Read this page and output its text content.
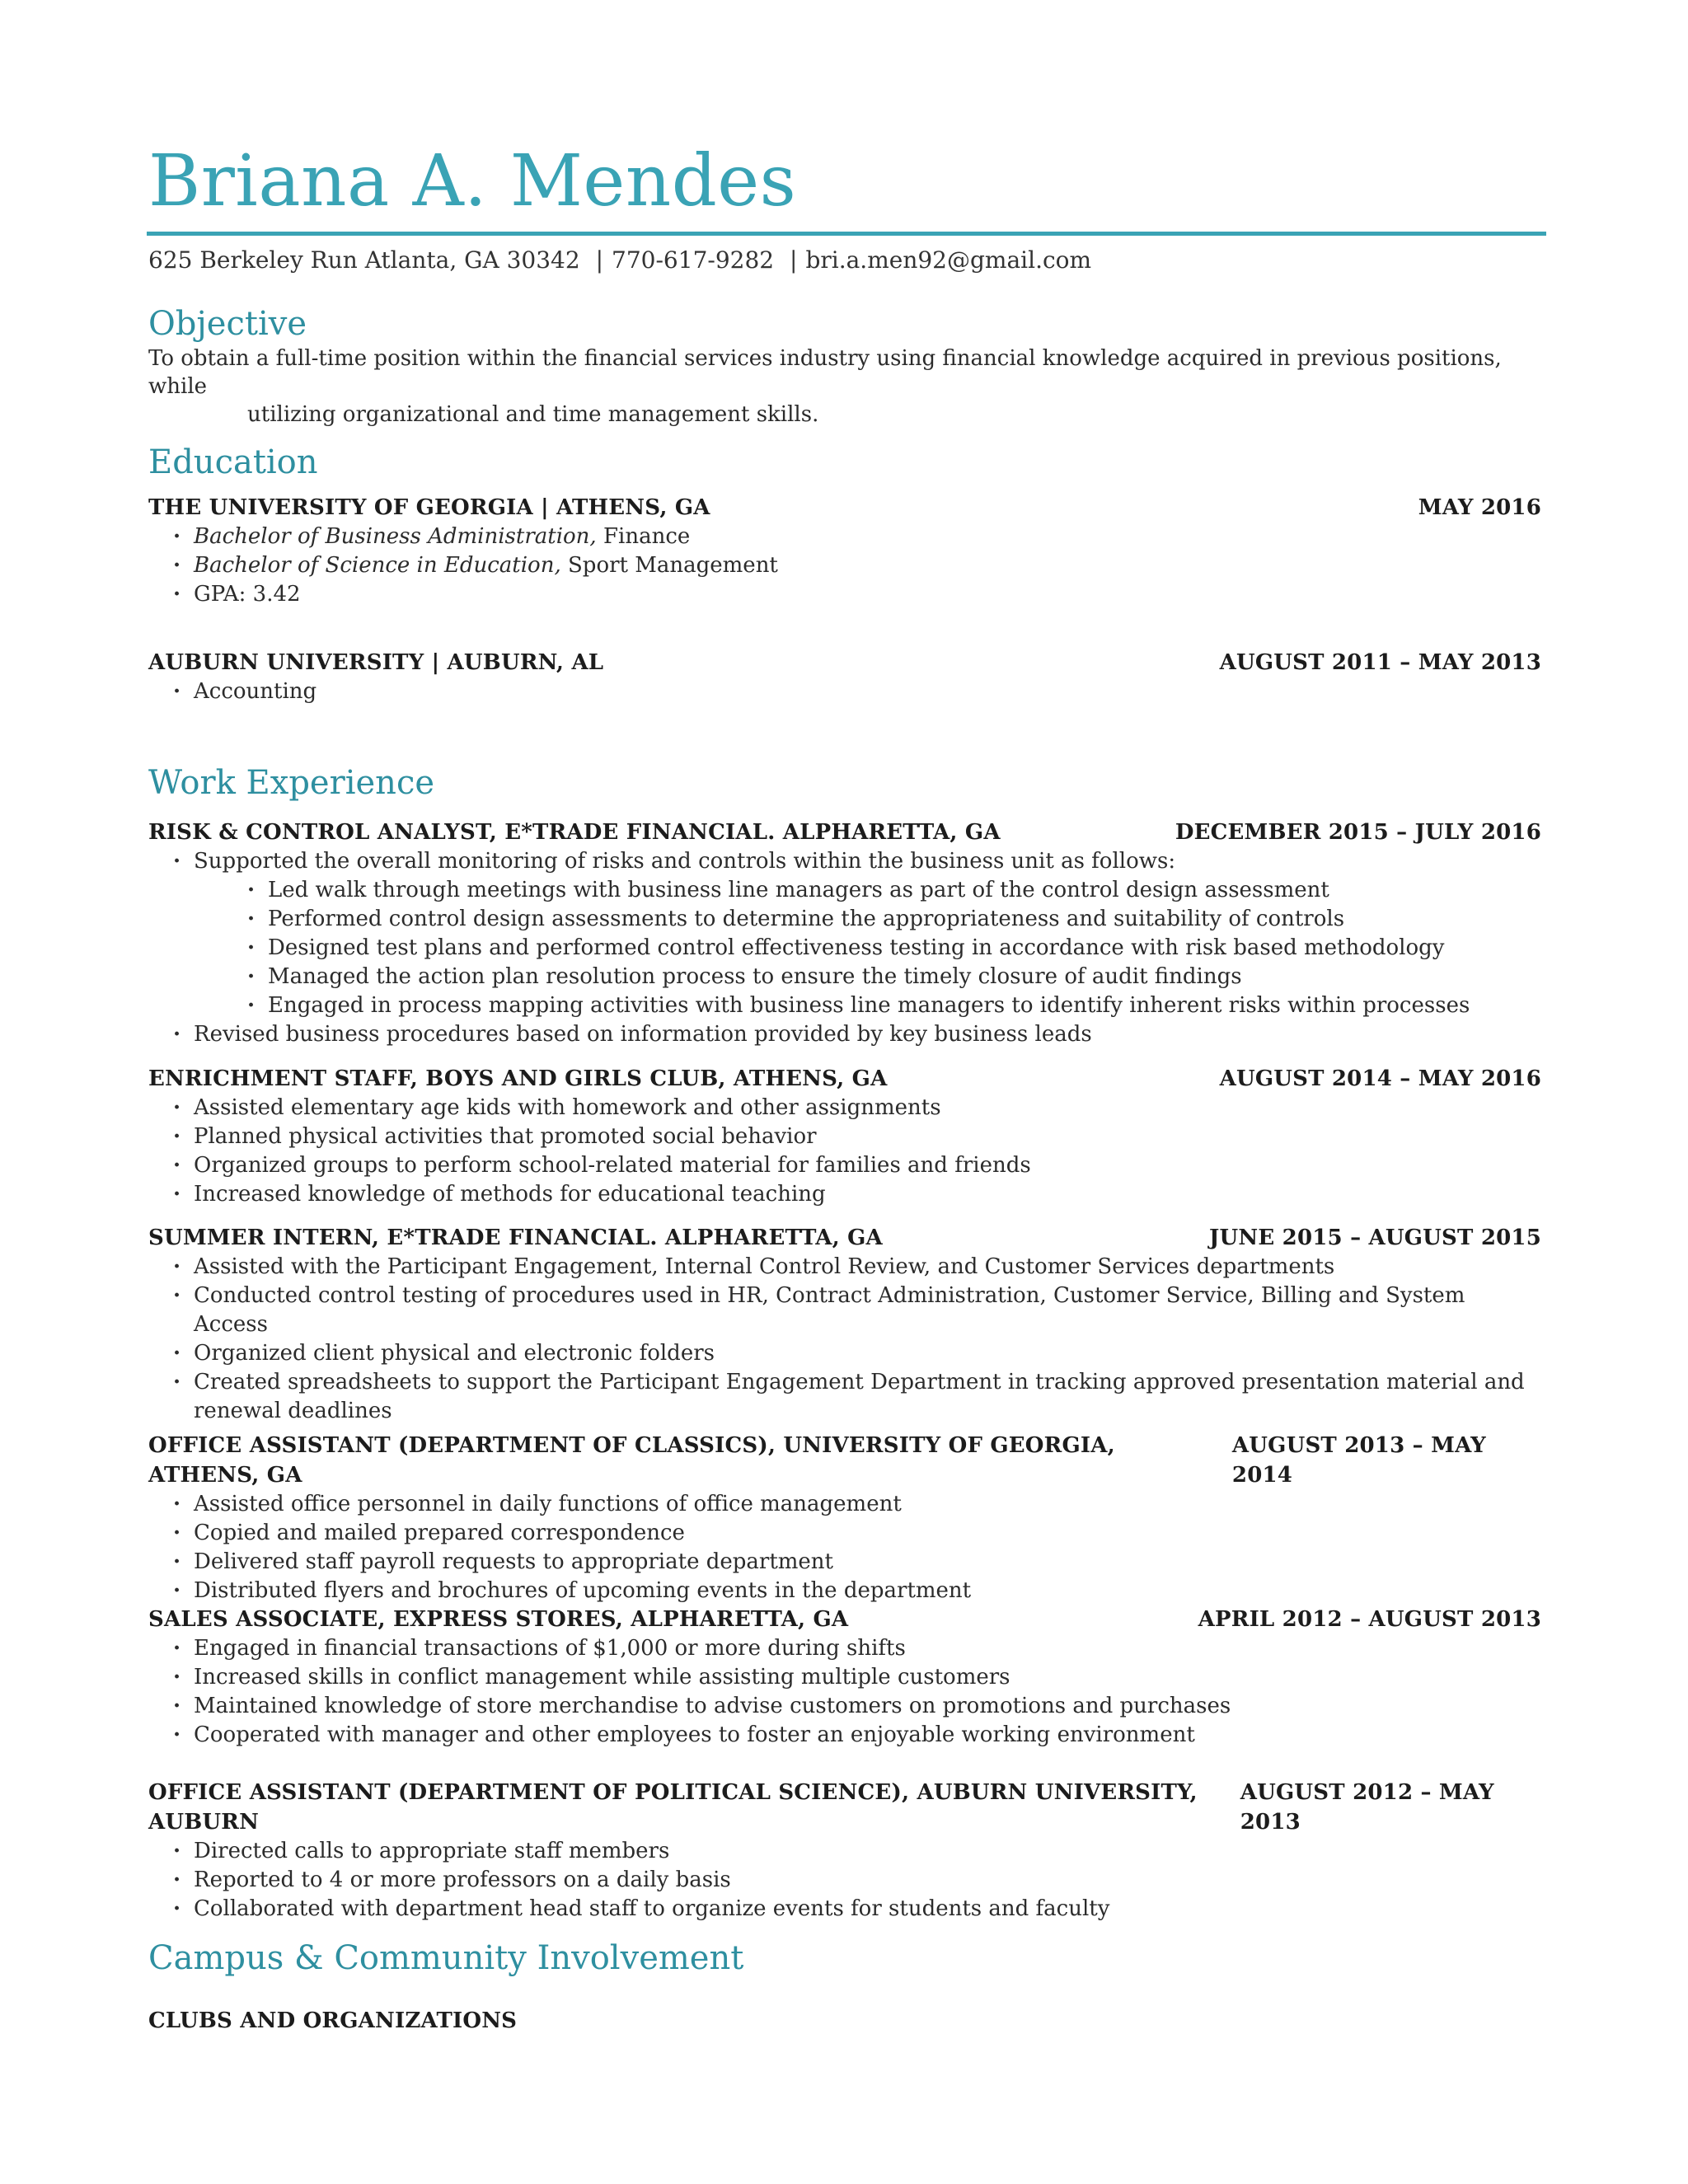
Briana A. Mendes
625 Berkeley Run Atlanta, GA 30342 | 770-617-9282 | bri.a.men92@gmail.com
Objective

To obtain a full-time position within the financial services industry using financial knowledge acquired in previous positions, while
utilizing organizational and time management skills.

Education
THE UNIVERSITY OF GEORGIA | ATHENS, GA	MAY 2016
· Bachelor of Business Administration, Finance
· Bachelor of Science in Education, Sport Management
· GPA: 3.42
AUBURN UNIVERSITY | AUBURN, AL	AUGUST 2011 – MAY 2013
· Accounting
Work Experience
RISK & CONTROL ANALYST, E*TRADE FINANCIAL. ALPHARETTA, GA	DECEMBER 2015 – JULY 2016
· Supported the overall monitoring of risks and controls within the business unit as follows:
· Led walk through meetings with business line managers as part of the control design assessment
· Performed control design assessments to determine the appropriateness and suitability of controls
· Designed test plans and performed control effectiveness testing in accordance with risk based methodology
· Managed the action plan resolution process to ensure the timely closure of audit findings
· Engaged in process mapping activities with business line managers to identify inherent risks within processes
· Revised business procedures based on information provided by key business leads
ENRICHMENT STAFF, BOYS AND GIRLS CLUB, ATHENS, GA	AUGUST 2014 – MAY 2016
· Assisted elementary age kids with homework and other assignments
· Planned physical activities that promoted social behavior
· Organized groups to perform school-related material for families and friends
· Increased knowledge of methods for educational teaching
SUMMER INTERN, E*TRADE FINANCIAL. ALPHARETTA, GA	JUNE 2015 – AUGUST 2015
· Assisted with the Participant Engagement, Internal Control Review, and Customer Services departments
· Conducted control testing of procedures used in HR, Contract Administration, Customer Service, Billing and System Access
· Organized client physical and electronic folders
· Created spreadsheets to support the Participant Engagement Department in tracking approved presentation material and
renewal deadlines
OFFICE ASSISTANT (DEPARTMENT OF CLASSICS), UNIVERSITY OF GEORGIA, ATHENS, GA
AUGUST 2013 – MAY 2014
· Assisted office personnel in daily functions of office management
· Copied and mailed prepared correspondence
· Delivered staff payroll requests to appropriate department
· Distributed flyers and brochures of upcoming events in the department
SALES ASSOCIATE, EXPRESS STORES, ALPHARETTA, GA	APRIL 2012 – AUGUST 2013
· Engaged in financial transactions of $1,000 or more during shifts
· Increased skills in conflict management while assisting multiple customers
· Maintained knowledge of store merchandise to advise customers on promotions and purchases
· Cooperated with manager and other employees to foster an enjoyable working environment
OFFICE ASSISTANT (DEPARTMENT OF POLITICAL SCIENCE), AUBURN UNIVERSITY, AUBURN
AUGUST 2012 – MAY 2013
· Directed calls to appropriate staff members
· Reported to 4 or more professors on a daily basis
· Collaborated with department head staff to organize events for students and faculty
Campus & Community Involvement
CLUBS AND ORGANIZATIONS
